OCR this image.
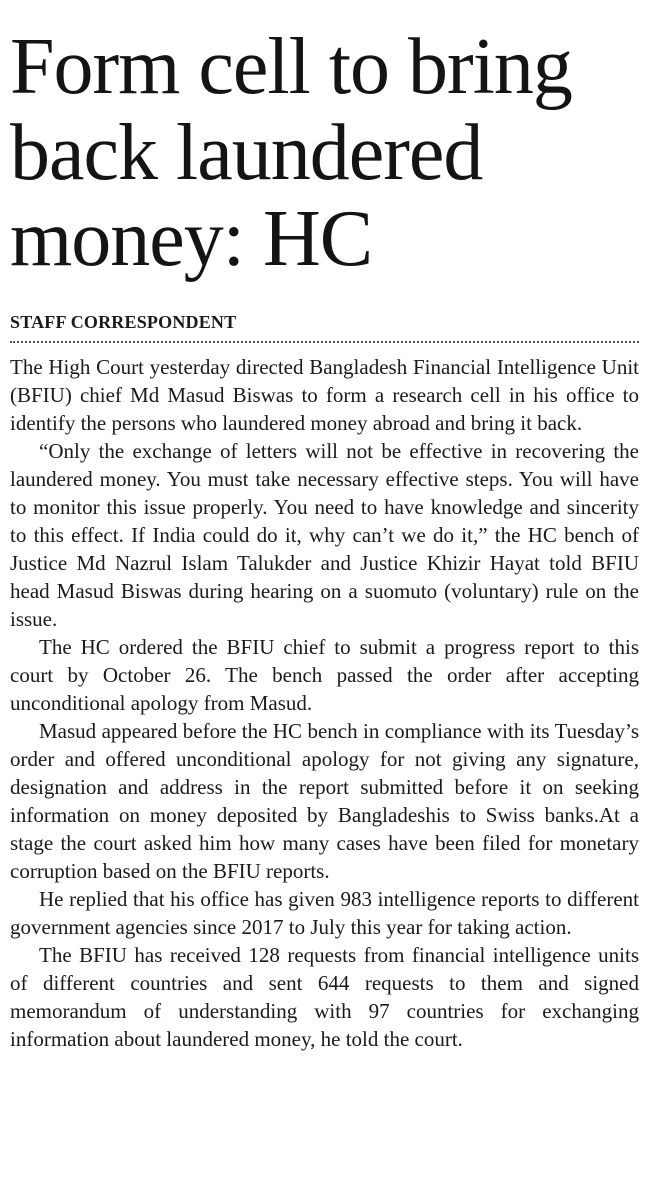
Form cell to bring back laundered money: HC
STAFF CORRESPONDENT

The High Court yesterday directed Bangladesh Financial Intelligence Unit (BFIU) chief Md Masud Biswas to form a research cell in his office to identify the persons who laundered money abroad and bring it back.

“Only the exchange of letters will not be effective in recovering the laundered money. You must take necessary effective steps. You will have to monitor this issue properly. You need to have knowledge and sincerity to this effect. If India could do it, why can’t we do it,” the HC bench of Justice Md Nazrul Islam Talukder and Justice Khizir Hayat told BFIU head Masud Biswas during hearing on a suomuto (voluntary) rule on the issue.

The HC ordered the BFIU chief to submit a progress report to this court by October 26. The bench passed the order after accepting unconditional apology from Masud.

Masud appeared before the HC bench in compliance with its Tuesday’s order and offered unconditional apology for not giving any signature, designation and address in the report submitted before it on seeking information on money deposited by Bangladeshis to Swiss banks.At a stage the court asked him how many cases have been filed for monetary corruption based on the BFIU reports.

He replied that his office has given 983 intelligence reports to different government agencies since 2017 to July this year for taking action.

The BFIU has received 128 requests from financial intelligence units of different countries and sent 644 requests to them and signed memorandum of understanding with 97 countries for exchanging information about laundered money, he told the court.
